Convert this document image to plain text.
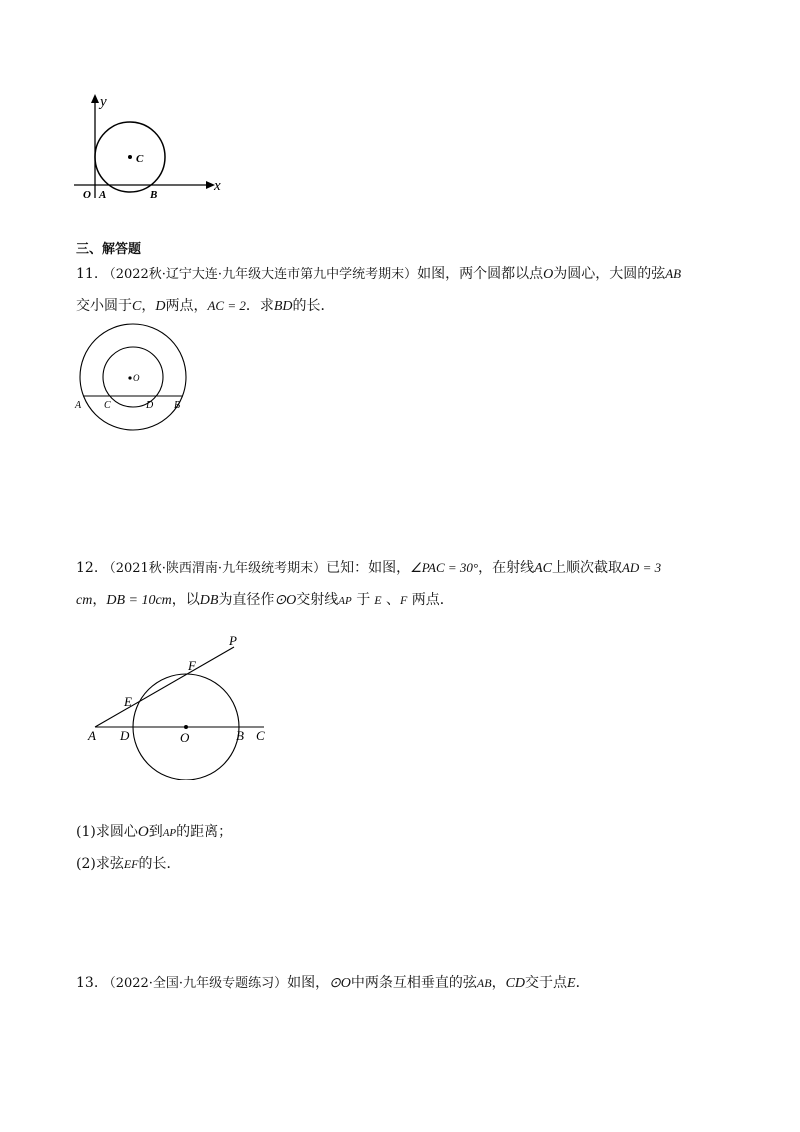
y
x
O A	B
C
三、解答题
11. （2022秋·辽宁大连·九年级大连市第九中学统考期末）如图，两个圆都以点O为圆心，大圆的弦AB
交小圆于C，D两点，AC = 2．求BD的长．
O
A C	D B
12. （2021秋·陕西渭南·九年级统考期末）已知：如图，∠PAC = 30°，在射线AC上顺次截取AD = 3
cm，DB = 10cm，以DB为直径作⊙O交射线AP 于 E 、F 两点．
P
F
E
A D	O	B C
(1)求圆心O到AP的距离；
(2)求弦EF的长．
13. （2022·全国·九年级专题练习）如图，⊙O中两条互相垂直的弦AB，CD交于点E．
